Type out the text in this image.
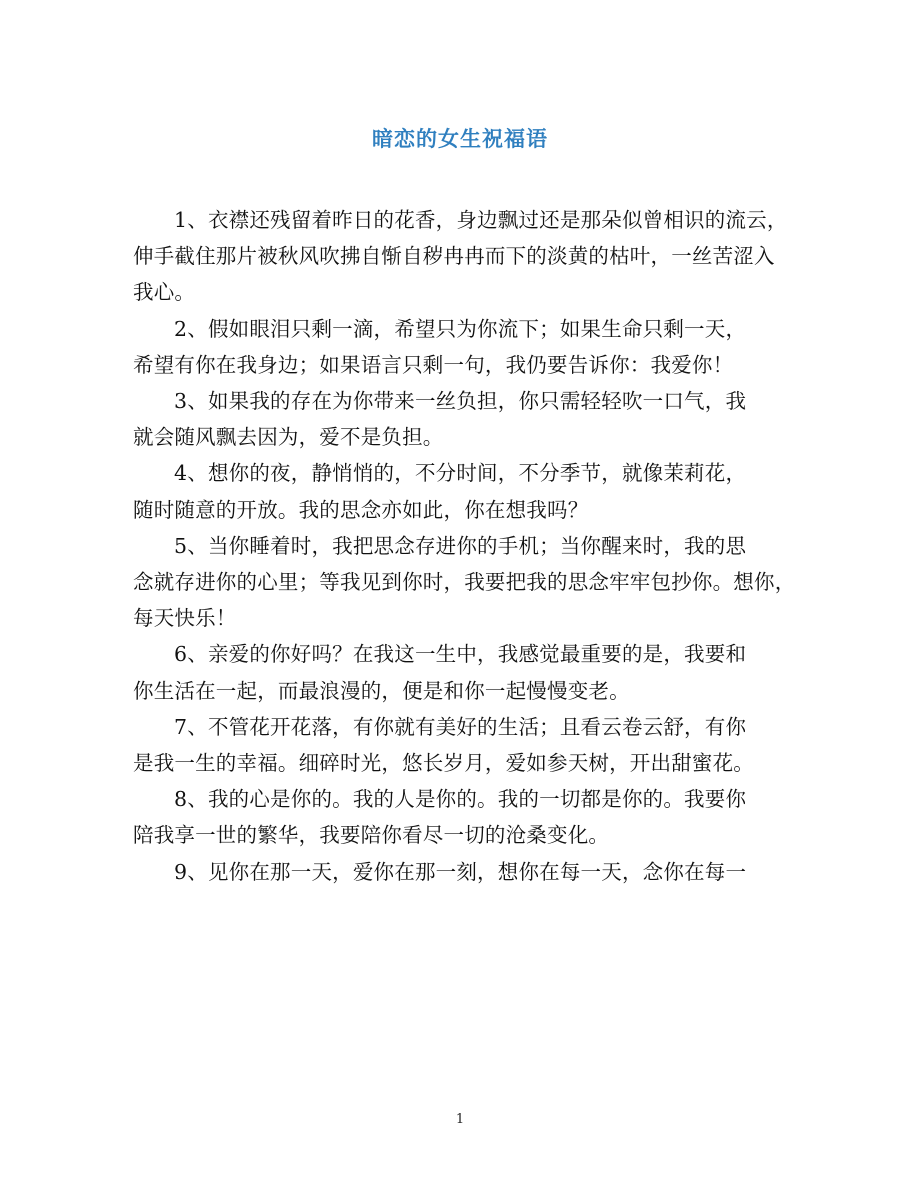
暗恋的女生祝福语

1、衣襟还残留着昨日的花香，身边飘过还是那朵似曾相识的流云，
伸手截住那片被秋风吹拂自惭自秽冉冉而下的淡黄的枯叶，一丝苦涩入
我心。

2、假如眼泪只剩一滴，希望只为你流下；如果生命只剩一天，
希望有你在我身边；如果语言只剩一句，我仍要告诉你：我爱你！

3、如果我的存在为你带来一丝负担，你只需轻轻吹一口气，我
就会随风飘去因为，爱不是负担。

4、想你的夜，静悄悄的，不分时间，不分季节，就像茉莉花，
随时随意的开放。我的思念亦如此，你在想我吗？

5、当你睡着时，我把思念存进你的手机；当你醒来时，我的思
念就存进你的心里；等我见到你时，我要把我的思念牢牢包抄你。想你，
每天快乐！

6、亲爱的你好吗？在我这一生中，我感觉最重要的是，我要和
你生活在一起，而最浪漫的，便是和你一起慢慢变老。

7、不管花开花落，有你就有美好的生活；且看云卷云舒，有你
是我一生的幸福。细碎时光，悠长岁月，爱如参天树，开出甜蜜花。

8、我的心是你的。我的人是你的。我的一切都是你的。我要你
陪我享一世的繁华，我要陪你看尽一切的沧桑变化。

9、见你在那一天，爱你在那一刻，想你在每一天，念你在每一

1
